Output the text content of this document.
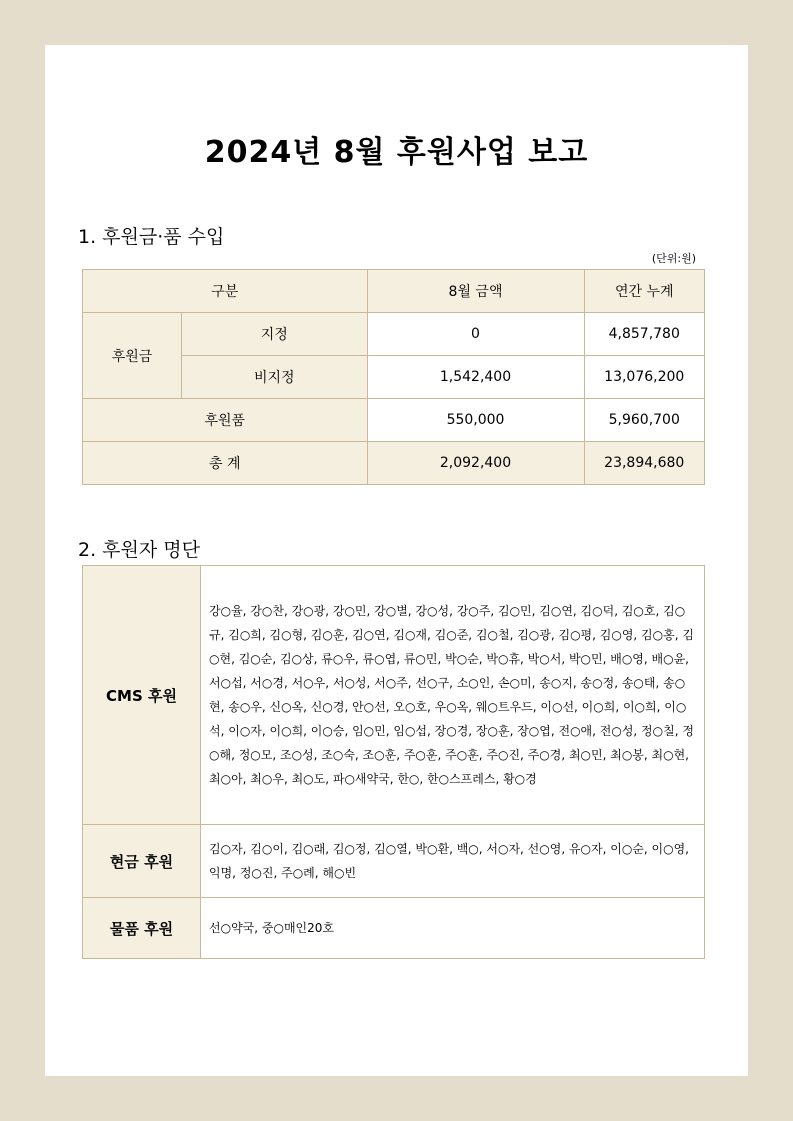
2024년 8월 후원사업 보고
1. 후원금·품 수입
(단위:원)
구분		8월 금액	연간 누계
후원금	지정	0	4,857,780
	비지정	1,542,400	13,076,200
후원품		550,000	5,960,700
총 계		2,092,400	23,894,680
2. 후원자 명단
CMS 후원	강○율, 강○찬, 강○광, 강○민, 강○별, 강○성, 강○주, 김○민, 김○연, 김○덕, 김○호, 김○규, 김○희, 김○형, 김○훈, 김○연, 김○재, 김○준, 김○철, 김○광, 김○평, 김○영, 김○홍, 김○현, 김○순, 김○상, 류○우, 류○엽, 류○민, 박○순, 박○휴, 박○서, 박○민, 배○영, 배○윤, 서○섭, 서○경, 서○우, 서○성, 서○주, 선○구, 소○인, 손○미, 송○지, 송○정, 송○태, 송○현, 송○우, 신○옥, 신○경, 안○선, 오○호, 우○옥, 웨○트우드, 이○선, 이○희, 이○희, 이○석, 이○자, 이○희, 이○승, 임○민, 임○섭, 장○경, 장○훈, 장○엽, 전○애, 전○성, 정○칠, 정○해, 정○모, 조○성, 조○숙, 조○훈, 주○훈, 주○훈, 주○진, 주○경, 최○민, 최○봉, 최○현, 최○아, 최○우, 최○도, 파○새약국, 한○, 한○스프레스, 황○경
현금 후원	김○자, 김○이, 김○래, 김○정, 김○열, 박○환, 백○, 서○자, 선○영, 유○자, 이○순, 이○영, 익명, 정○진, 주○례, 해○빈
물품 후원	선○약국, 중○매인20호
